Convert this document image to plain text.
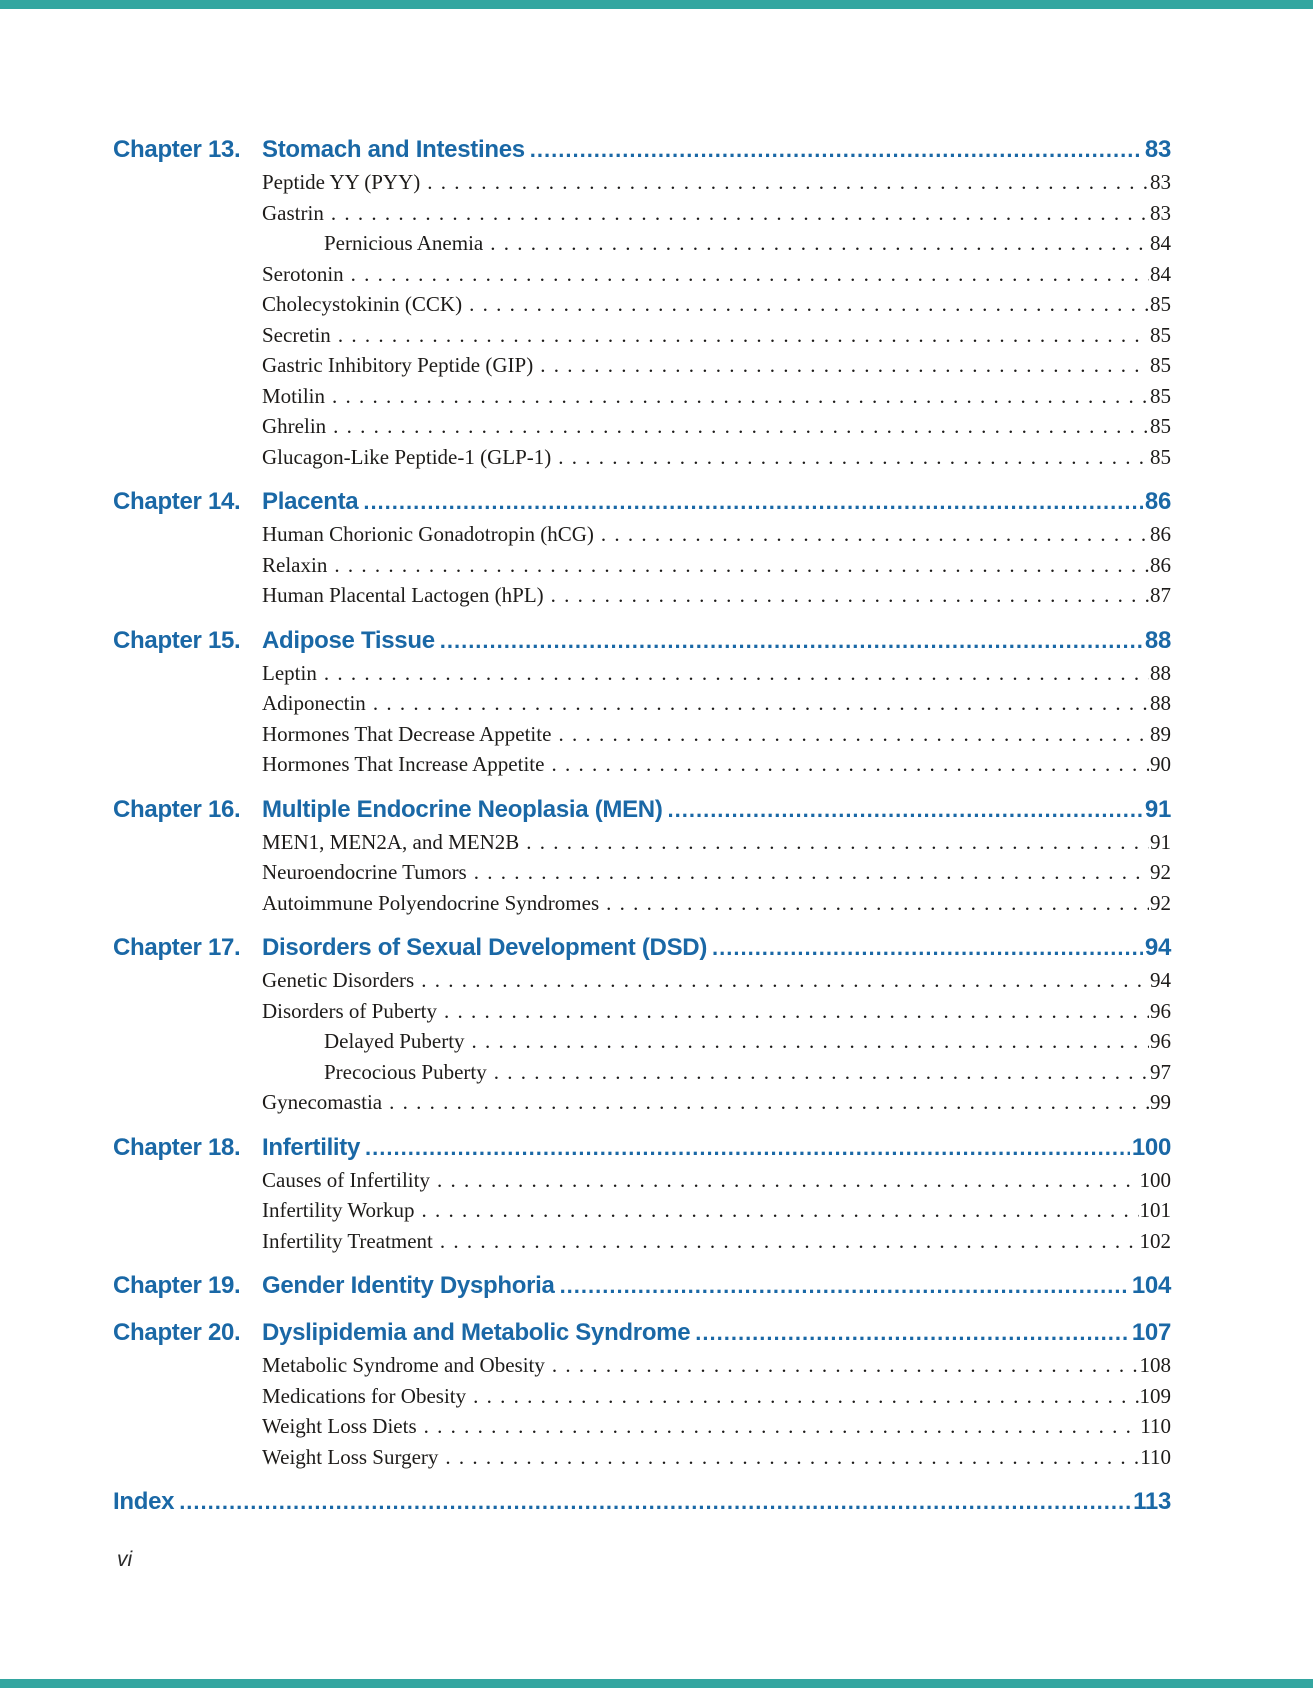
Chapter 13. Stomach and Intestines .....	83
Peptide YY (PYY) . . .	83
Gastrin . . .	83
Pernicious Anemia . . .	84
Serotonin . . .	84
Cholecystokinin (CCK) . . .	85
Secretin . . .	85
Gastric Inhibitory Peptide (GIP) . . .	85
Motilin . . .	85
Ghrelin . . .	85
Glucagon-Like Peptide-1 (GLP-1) . . .	85
Chapter 14. Placenta .....	86
Human Chorionic Gonadotropin (hCG) . . .	86
Relaxin . . .	86
Human Placental Lactogen (hPL) . . .	87
Chapter 15. Adipose Tissue .....	88
Leptin . . .	88
Adiponectin . . .	88
Hormones That Decrease Appetite . . .	89
Hormones That Increase Appetite . . .	90
Chapter 16. Multiple Endocrine Neoplasia (MEN) .....	91
MEN1, MEN2A, and MEN2B . . .	91
Neuroendocrine Tumors . . .	92
Autoimmune Polyendocrine Syndromes . . .	92
Chapter 17. Disorders of Sexual Development (DSD) .....	94
Genetic Disorders . . .	94
Disorders of Puberty . . .	96
Delayed Puberty . . .	96
Precocious Puberty . . .	97
Gynecomastia . . .	99
Chapter 18. Infertility .....	100
Causes of Infertility . . .	100
Infertility Workup . . .	101
Infertility Treatment . . .	102
Chapter 19. Gender Identity Dysphoria .....	104
Chapter 20. Dyslipidemia and Metabolic Syndrome .....	107
Metabolic Syndrome and Obesity . . .	108
Medications for Obesity . . .	109
Weight Loss Diets . . .	110
Weight Loss Surgery . . .	110
Index .....	113
vi
